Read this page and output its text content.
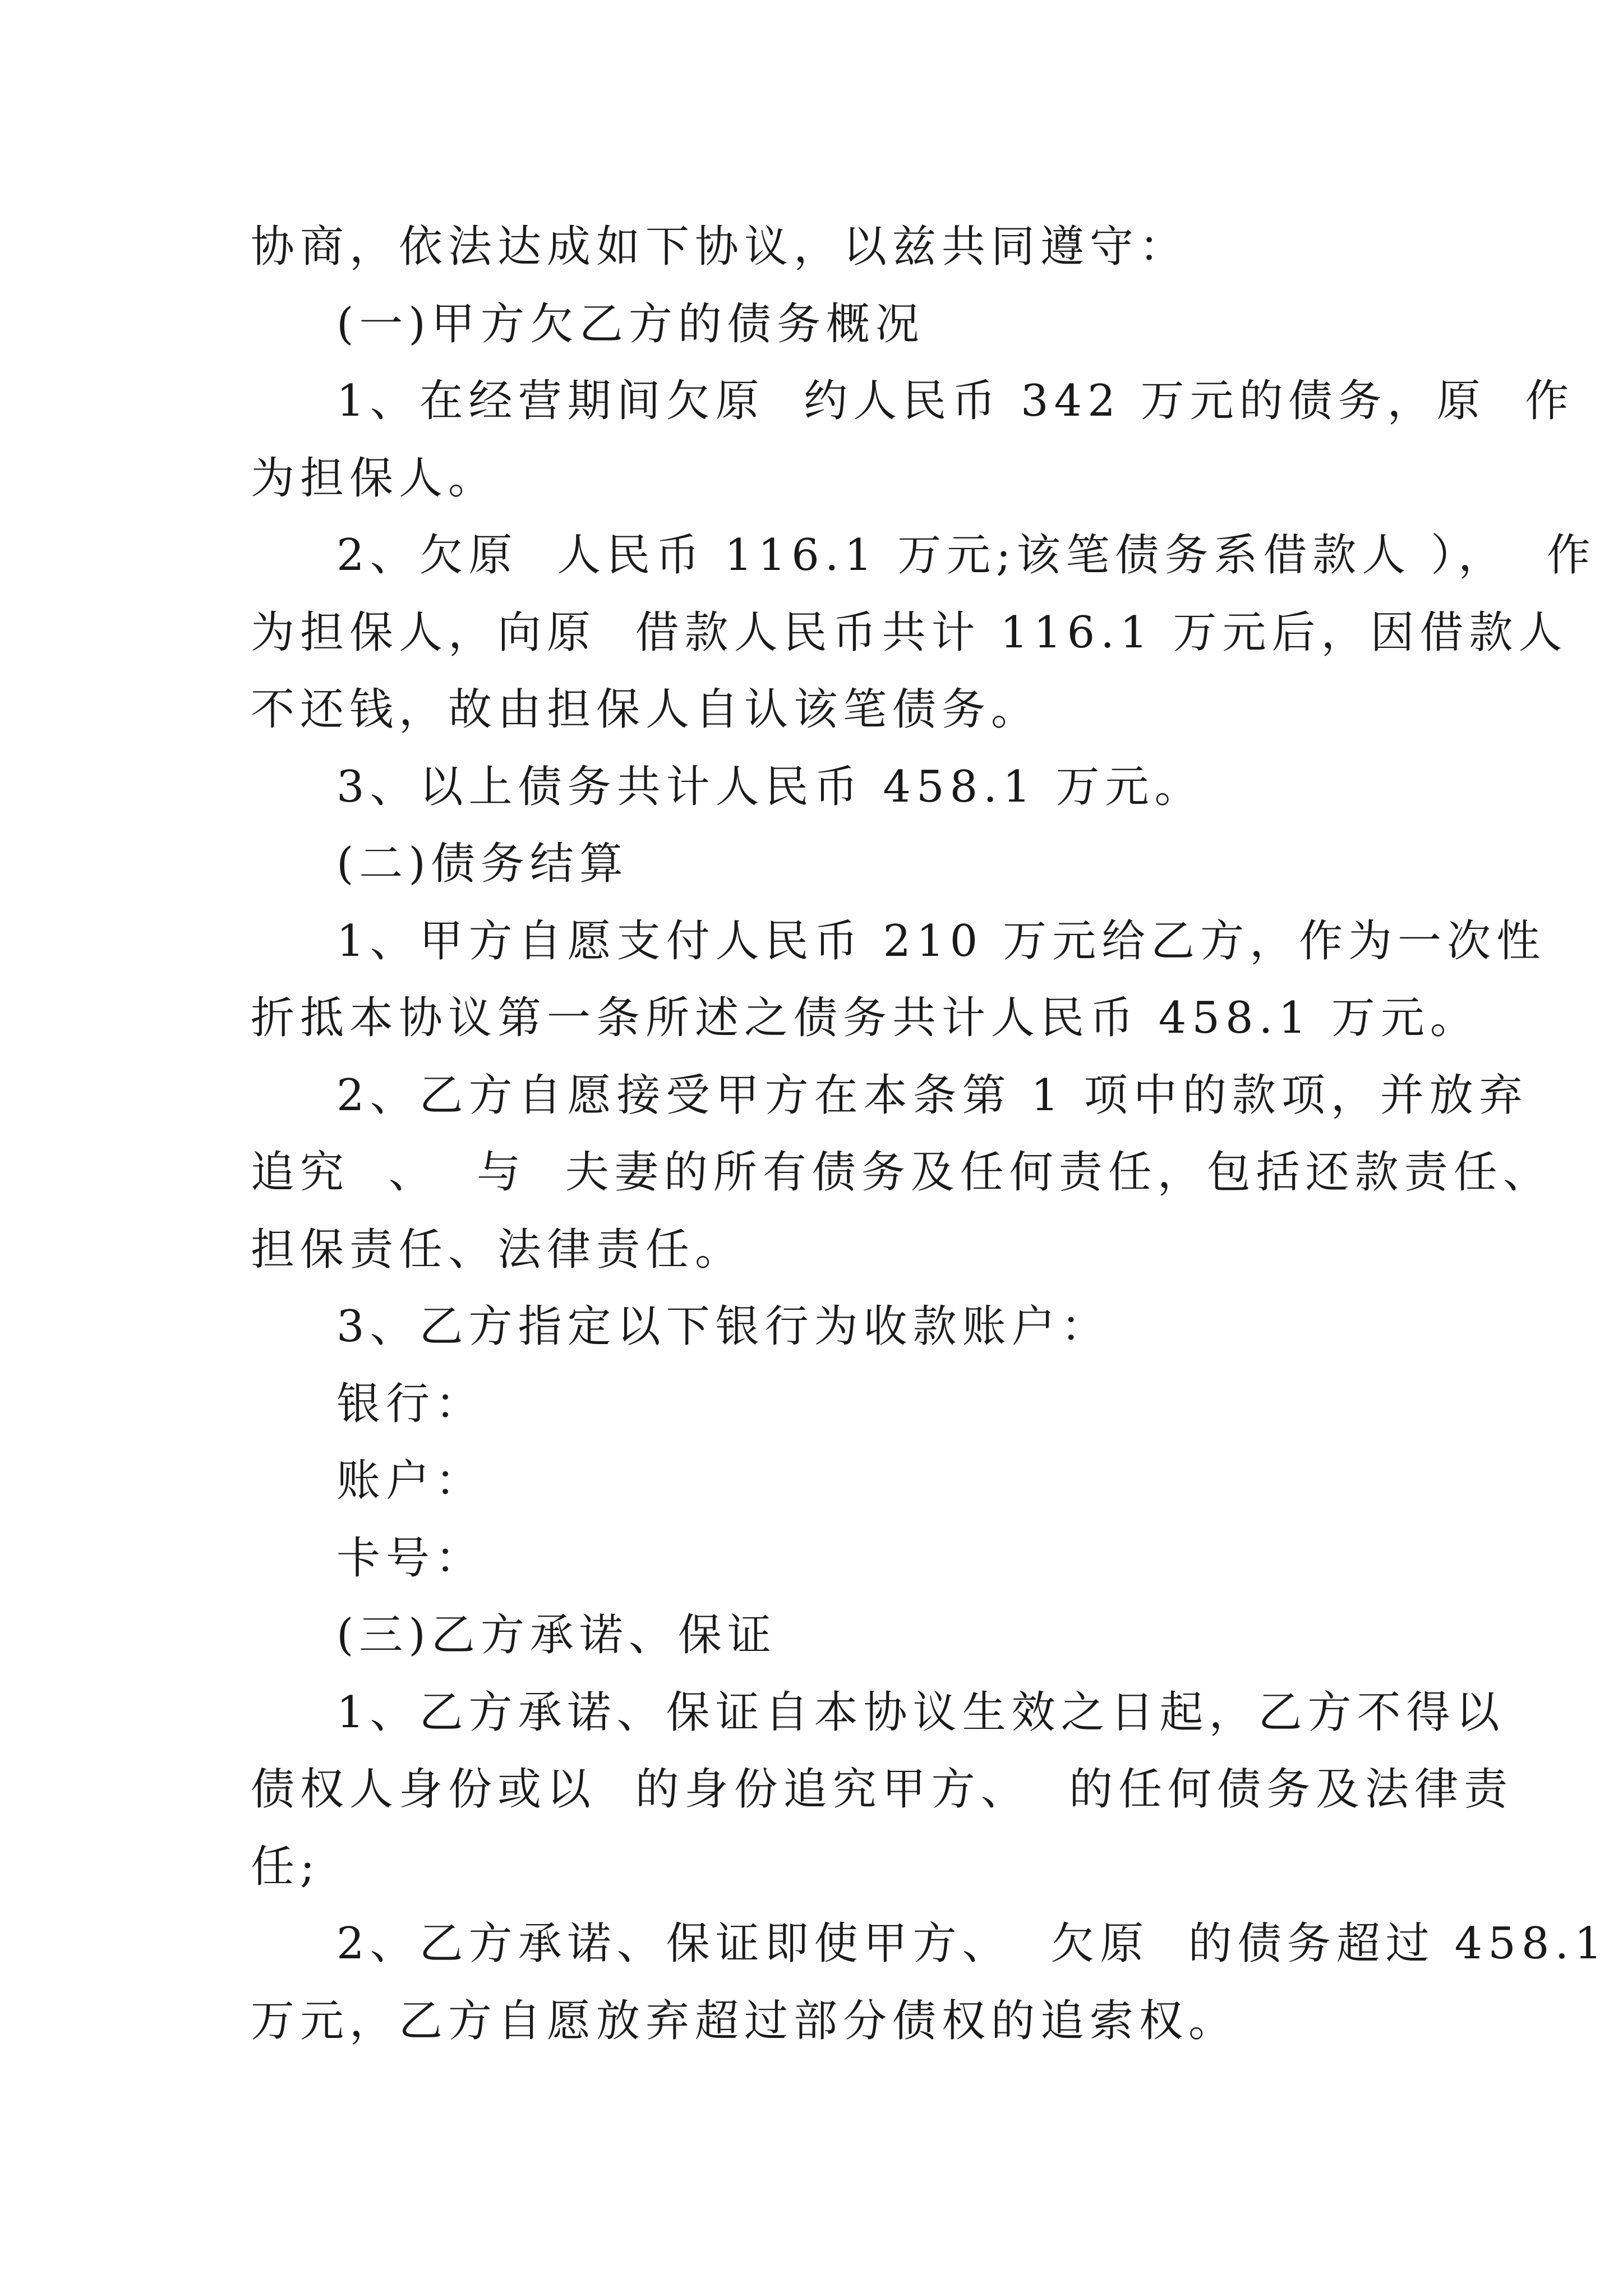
协商，依法达成如下协议，以兹共同遵守：
(一)甲方欠乙方的债务概况
1、在经营期间欠原  约人民币 342 万元的债务，原  作
为担保人。
2、欠原  人民币 116.1 万元;该笔债务系借款人 ），  作
为担保人，向原  借款人民币共计 116.1 万元后，因借款人
不还钱，故由担保人自认该笔债务。
3、以上债务共计人民币 458.1 万元。
(二)债务结算
1、甲方自愿支付人民币 210 万元给乙方，作为一次性
折抵本协议第一条所述之债务共计人民币 458.1 万元。
2、乙方自愿接受甲方在本条第 1 项中的款项，并放弃
追究  、  与  夫妻的所有债务及任何责任，包括还款责任、
担保责任、法律责任。
3、乙方指定以下银行为收款账户：
银行：
账户：
卡号：
(三)乙方承诺、保证
1、乙方承诺、保证自本协议生效之日起，乙方不得以
债权人身份或以  的身份追究甲方、  的任何债务及法律责
任;
2、乙方承诺、保证即使甲方、  欠原  的债务超过 458.1
万元，乙方自愿放弃超过部分债权的追索权。
